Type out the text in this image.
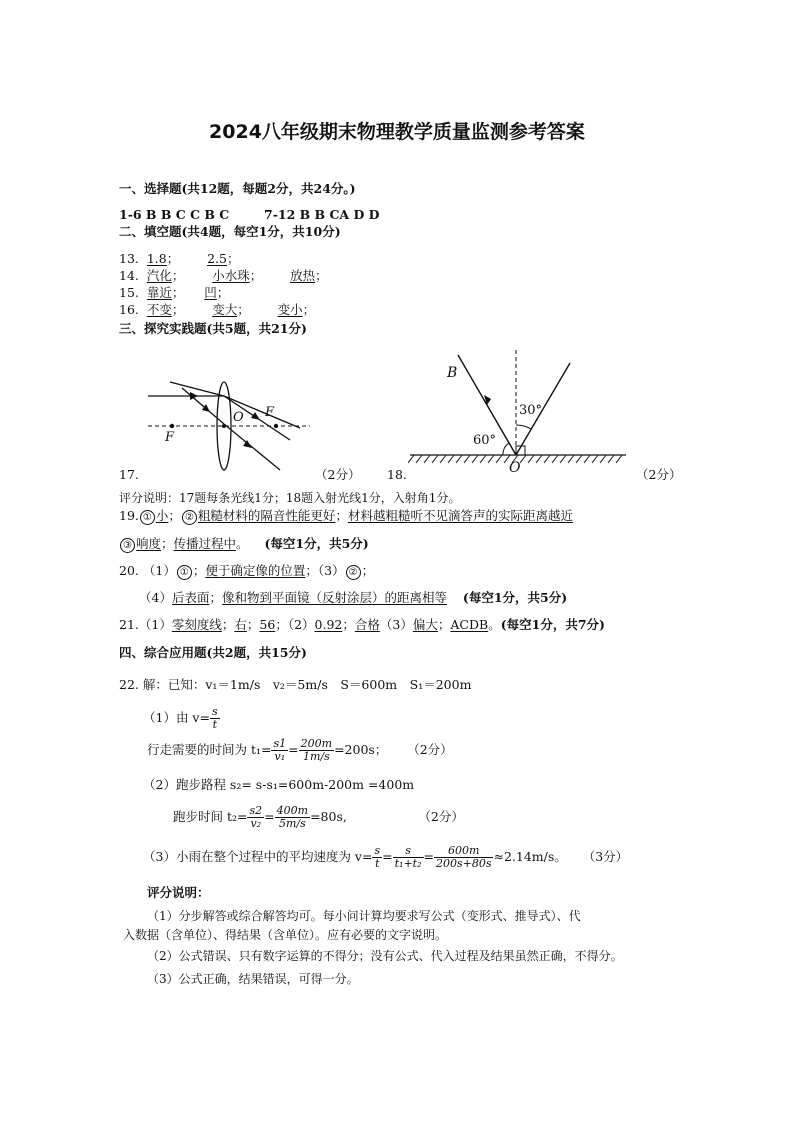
2024八年级期末物理教学质量监测参考答案
一、选择题(共12题，每题2分，共24分。)
1-6 B B C C B C	7-12 B B CA D D
二、填空题(共4题，每空1分，共10分)
13. 1.8； 2.5；
14. 汽化； 小水珠； 放热；
15. 靠近； 凹；
16. 不变； 变大； 变小；
三、探究实践题(共5题，共21分)
F
O F
17.	（2分）
B
30°
60°
O
18.	（2分）
评分说明：17题每条光线1分；18题入射光线1分，入射角1分。
19. ① 小； ② 粗糙材料的隔音性能更好；材料越粗糙听不见滴答声的实际距离越近
③ 响度；传播过程中。 (每空1分，共5分)
20. （1） ① ；便于确定像的位置；（3） ② ；
（4）后表面；像和物到平面镜（反射涂层）的距离相等 (每空1分，共5分)
21.（1）零刻度线；右；56；（2）0.92；合格（3）偏大；ACDB。(每空1分，共7分)
四、综合应用题(共2题，共15分)
22. 解：已知：v₁＝1m/s　v₂＝5m/s　S＝600m　S₁＝200m
（1）由 $v= \frac{s}{t}$
行走需要的时间为 $t_1= \frac{s1}{\text{v₁}} = \frac{200m}{1m/s} =200s$；
（2分）
（2）跑步路程 s₂= s-s₁=600m-200m =400m
跑步时间 $t_2= \frac{s2}{\text{v₂}} = \frac{400m}{5m/s} =80s$,
	（2分）
（3）小雨在整个过程中的平均速度为 $v= \frac{s}{t} = \frac{s}{\text{t₁+t₂}} = \frac{600m}{200s+80s} \approx 2.14m/s$。
（3分）
评分说明：
（1）分步解答或综合解答均可。每小问计算均要求写公式（变形式、推导式）、代
入数据（含单位）、得结果（含单位）。应有必要的文字说明。
（2）公式错误、只有数字运算的不得分；没有公式、代入过程及结果虽然正确，不得分。
（3）公式正确，结果错误，可得一分。
